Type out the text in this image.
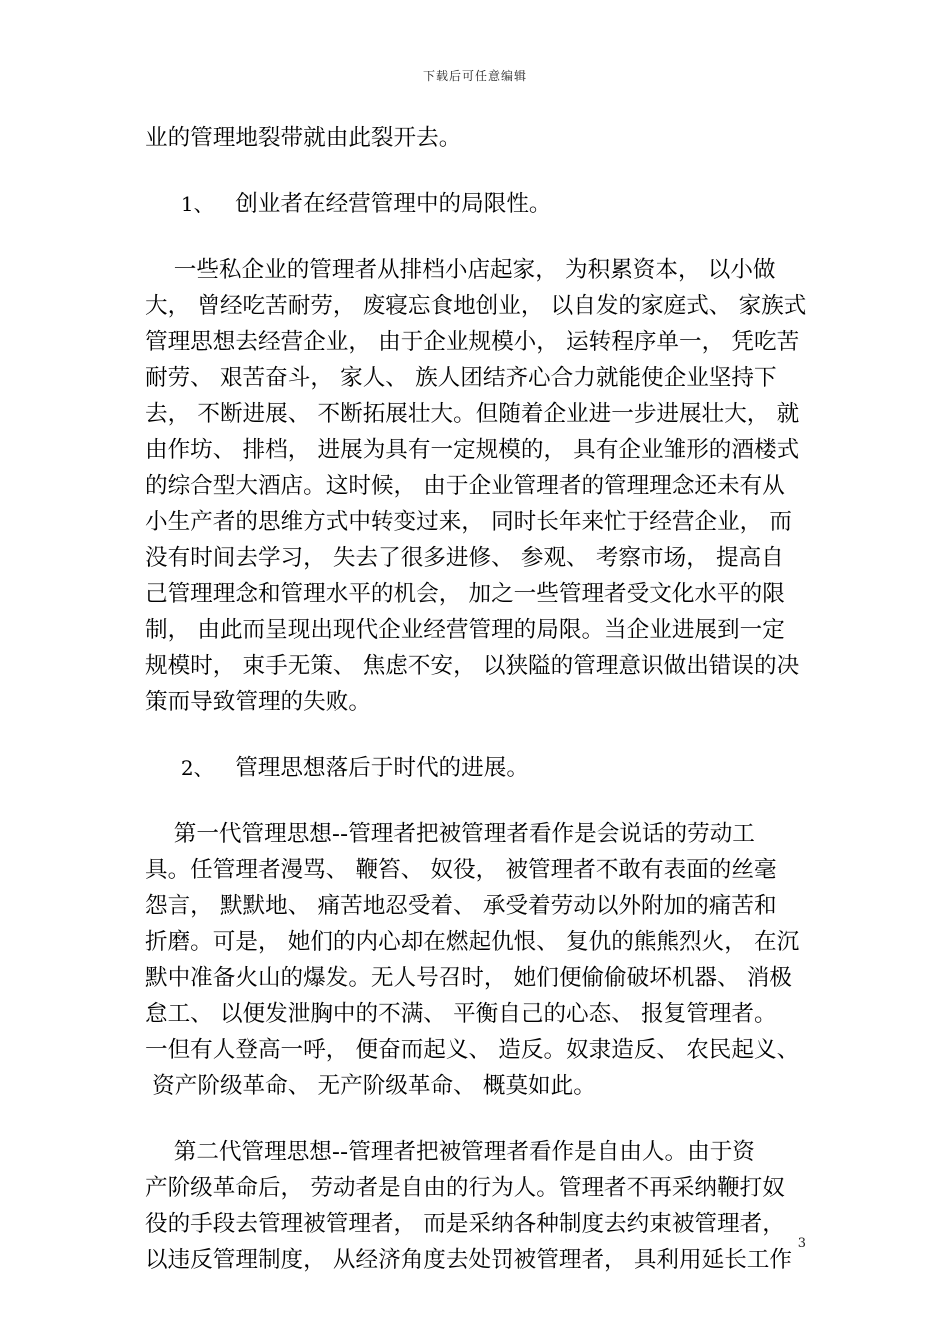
下载后可任意编辑
业的管理地裂带就由此裂开去。
1、 创业者在经营管理中的局限性。
一些私企业的管理者从排档小店起家， 为积累资本， 以小做
大， 曾经吃苦耐劳， 废寝忘食地创业， 以自发的家庭式、 家族式
管理思想去经营企业， 由于企业规模小， 运转程序单一， 凭吃苦
耐劳、 艰苦奋斗， 家人、 族人团结齐心合力就能使企业坚持下
去， 不断进展、 不断拓展壮大。但随着企业进一步进展壮大， 就
由作坊、 排档， 进展为具有一定规模的， 具有企业雏形的酒楼式
的综合型大酒店。这时候， 由于企业管理者的管理理念还未有从
小生产者的思维方式中转变过来， 同时长年来忙于经营企业， 而
没有时间去学习， 失去了很多进修、 参观、 考察市场， 提高自
己管理理念和管理水平的机会， 加之一些管理者受文化水平的限
制， 由此而呈现出现代企业经营管理的局限。当企业进展到一定
规模时， 束手无策、 焦虑不安， 以狭隘的管理意识做出错误的决
策而导致管理的失败。
2、 管理思想落后于时代的进展。
第一代管理思想--管理者把被管理者看作是会说话的劳动工
具。任管理者漫骂、 鞭笞、 奴役， 被管理者不敢有表面的丝毫
怨言， 默默地、 痛苦地忍受着、 承受着劳动以外附加的痛苦和
折磨。可是， 她们的内心却在燃起仇恨、 复仇的熊熊烈火， 在沉
默中准备火山的爆发。无人号召时， 她们便偷偷破坏机器、 消极
怠工、 以便发泄胸中的不满、 平衡自己的心态、 报复管理者。
一但有人登高一呼， 便奋而起义、 造反。奴隶造反、 农民起义、
资产阶级革命、 无产阶级革命、 概莫如此。
第二代管理思想--管理者把被管理者看作是自由人。由于资
产阶级革命后， 劳动者是自由的行为人。管理者不再采纳鞭打奴
役的手段去管理被管理者， 而是采纳各种制度去约束被管理者，
以违反管理制度， 从经济角度去处罚被管理者， 具利用延长工作
3
